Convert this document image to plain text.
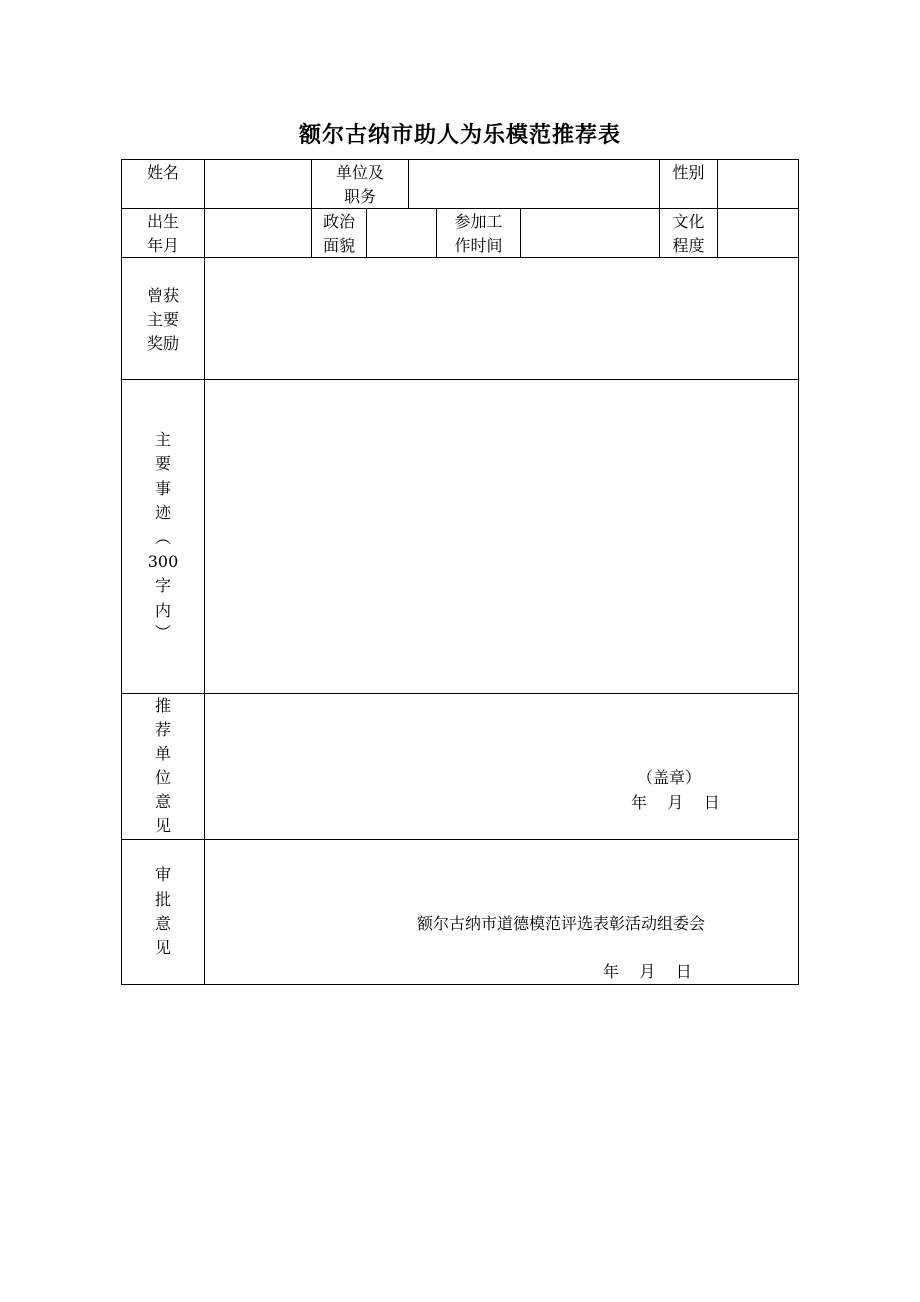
额尔古纳市助人为乐模范推荐表
姓名	单位及
职务
性别
出生
年月
政治
面貌
参加工
作时间
文化
程度
曾获
主要
奖励
主
要
事
迹
︵
300
字
内
︶
推
荐
单
位
意
见
（盖章）
年    月    日
审
批
意
见
额尔古纳市道德模范评选表彰活动组委会
年    月    日
